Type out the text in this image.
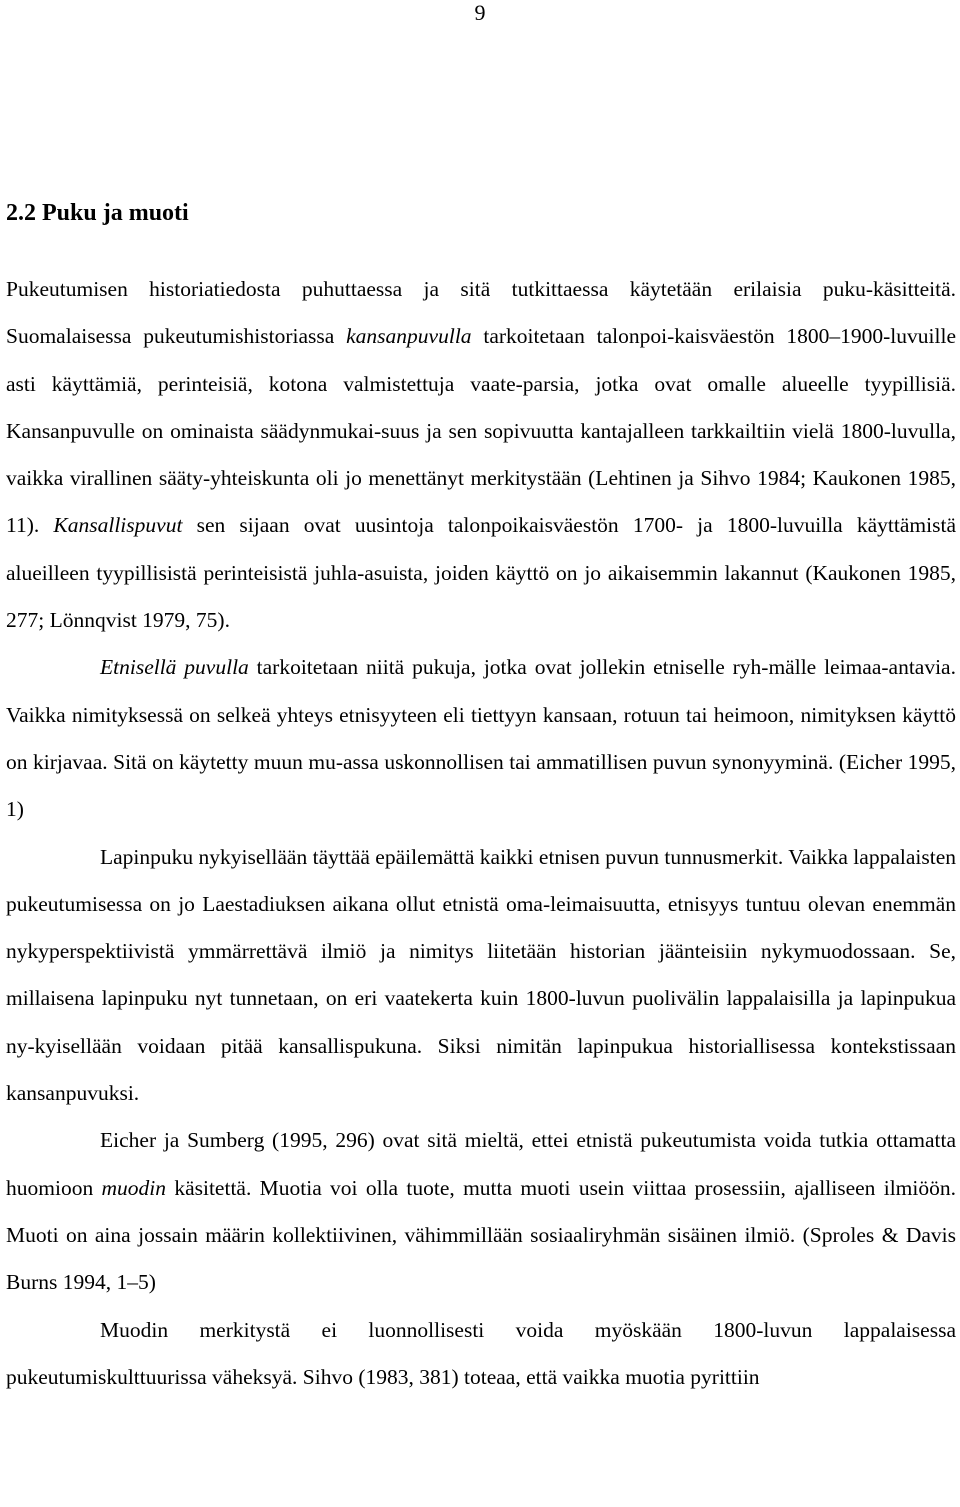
9
2.2 Puku ja muoti

Pukeutumisen historiatiedosta puhuttaessa ja sitä tutkittaessa käytetään erilaisia puku-käsitteitä. Suomalaisessa pukeutumishistoriassa kansanpuvulla tarkoitetaan talonpoi-kaisväestön 1800–1900-luvuille asti käyttämiä, perinteisiä, kotona valmistettuja vaate-parsia, jotka ovat omalle alueelle tyypillisiä. Kansanpuvulle on ominaista säädynmukai-suus ja sen sopivuutta kantajalleen tarkkailtiin vielä 1800-luvulla, vaikka virallinen sääty-yhteiskunta oli jo menettänyt merkitystään (Lehtinen ja Sihvo 1984; Kaukonen 1985, 11). Kansallispuvut sen sijaan ovat uusintoja talonpoikaisväestön 1700- ja 1800-luvuilla käyttämistä alueilleen tyypillisistä perinteisistä juhla-asuista, joiden käyttö on jo aikaisemmin lakannut (Kaukonen 1985, 277; Lönnqvist 1979, 75).

Etnisellä puvulla tarkoitetaan niitä pukuja, jotka ovat jollekin etniselle ryh-mälle leimaa-antavia. Vaikka nimityksessä on selkeä yhteys etnisyyteen eli tiettyyn kansaan, rotuun tai heimoon, nimityksen käyttö on kirjavaa. Sitä on käytetty muun mu-assa uskonnollisen tai ammatillisen puvun synonyyminä. (Eicher 1995, 1)

Lapinpuku nykyisellään täyttää epäilemättä kaikki etnisen puvun tunnusmerkit. Vaikka lappalaisten pukeutumisessa on jo Laestadiuksen aikana ollut etnistä oma-leimaisuutta, etnisyys tuntuu olevan enemmän nykyperspektiivistä ymmärrettävä ilmiö ja nimitys liitetään historian jäänteisiin nykymuodossaan. Se, millaisena lapinpuku nyt tunnetaan, on eri vaatekerta kuin 1800-luvun puolivälin lappalaisilla ja lapinpukua ny-kyisellään voidaan pitää kansallispukuna. Siksi nimitän lapinpukua historiallisessa kontekstissaan kansanpuvuksi.

Eicher ja Sumberg (1995, 296) ovat sitä mieltä, ettei etnistä pukeutumista voida tutkia ottamatta huomioon muodin käsitettä. Muotia voi olla tuote, mutta muoti usein viittaa prosessiin, ajalliseen ilmiöön. Muoti on aina jossain määrin kollektiivinen, vähimmillään sosiaaliryhmän sisäinen ilmiö. (Sproles & Davis Burns 1994, 1–5)

Muodin merkitystä ei luonnollisesti voida myöskään 1800-luvun lappalaisessa pukeutumiskulttuurissa väheksyä. Sihvo (1983, 381) toteaa, että vaikka muotia pyrittiin
